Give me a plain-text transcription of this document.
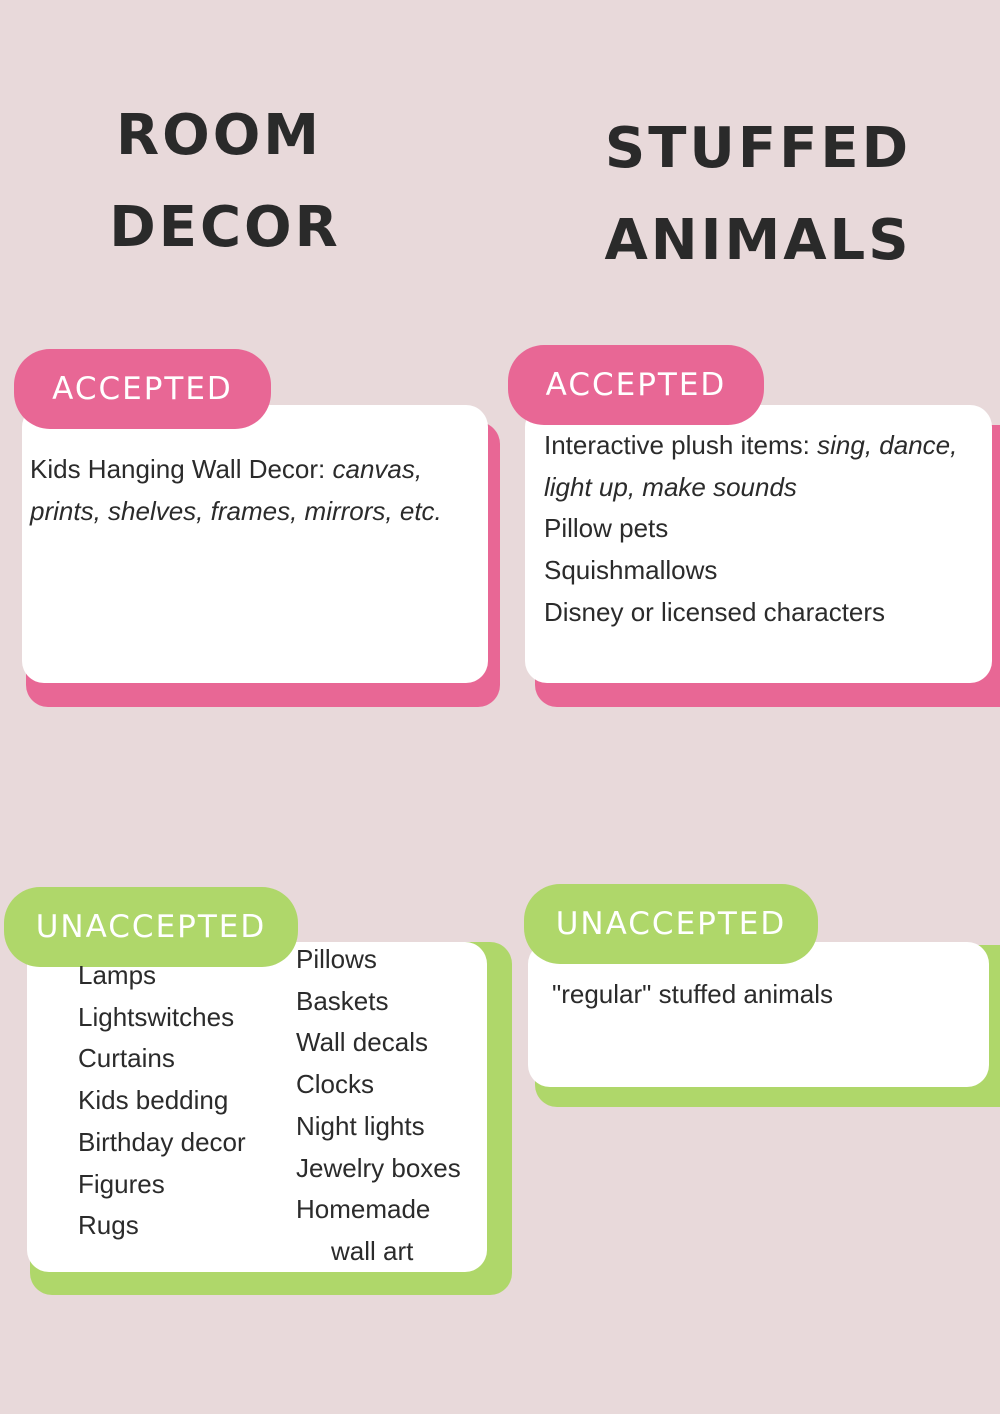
ROOM
DECOR
STUFFED
ANIMALS
ACCEPTED

Kids Hanging Wall Decor: canvas, prints, shelves, frames, mirrors, etc.

ACCEPTED

Interactive plush items: sing, dance, light up, make sounds

Pillow pets
Squishmallows
Disney or licensed characters
UNACCEPTED
Lamps
Lightswitches
Curtains
Kids bedding
Birthday decor
Figures
Rugs
Pillows
Baskets
Wall decals
Clocks
Night lights
Jewelry boxes
Homemade
wall art
UNACCEPTED

"regular" stuffed animals
